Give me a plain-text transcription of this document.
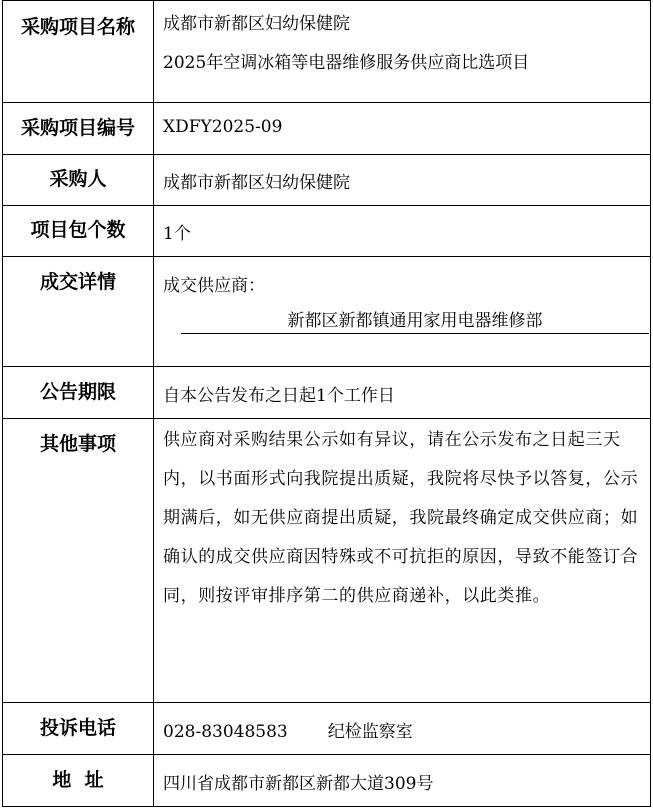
采购项目名称	成都市新都区妇幼保健院
2025年空调冰箱等电器维修服务供应商比选项目

采购项目编号	XDFY2025-09
采购人	成都市新都区妇幼保健院
项目包个数	1个
成交详情	成交供应商：
新都区新都镇通用家用电器维修部

公告期限	自本公告发布之日起1个工作日
其他事项	供应商对采购结果公示如有异议，请在公示发布之日起三天内，以书面形式向我院提出质疑，我院将尽快予以答复，公示期满后，如无供应商提出质疑，我院最终确定成交供应商；如确认的成交供应商因特殊或不可抗拒的原因，导致不能签订合同，则按评审排序第二的供应商递补，以此类推。

投诉电话	028-83048583 纪检监察室
地  址	四川省成都市新都区新都大道309号
